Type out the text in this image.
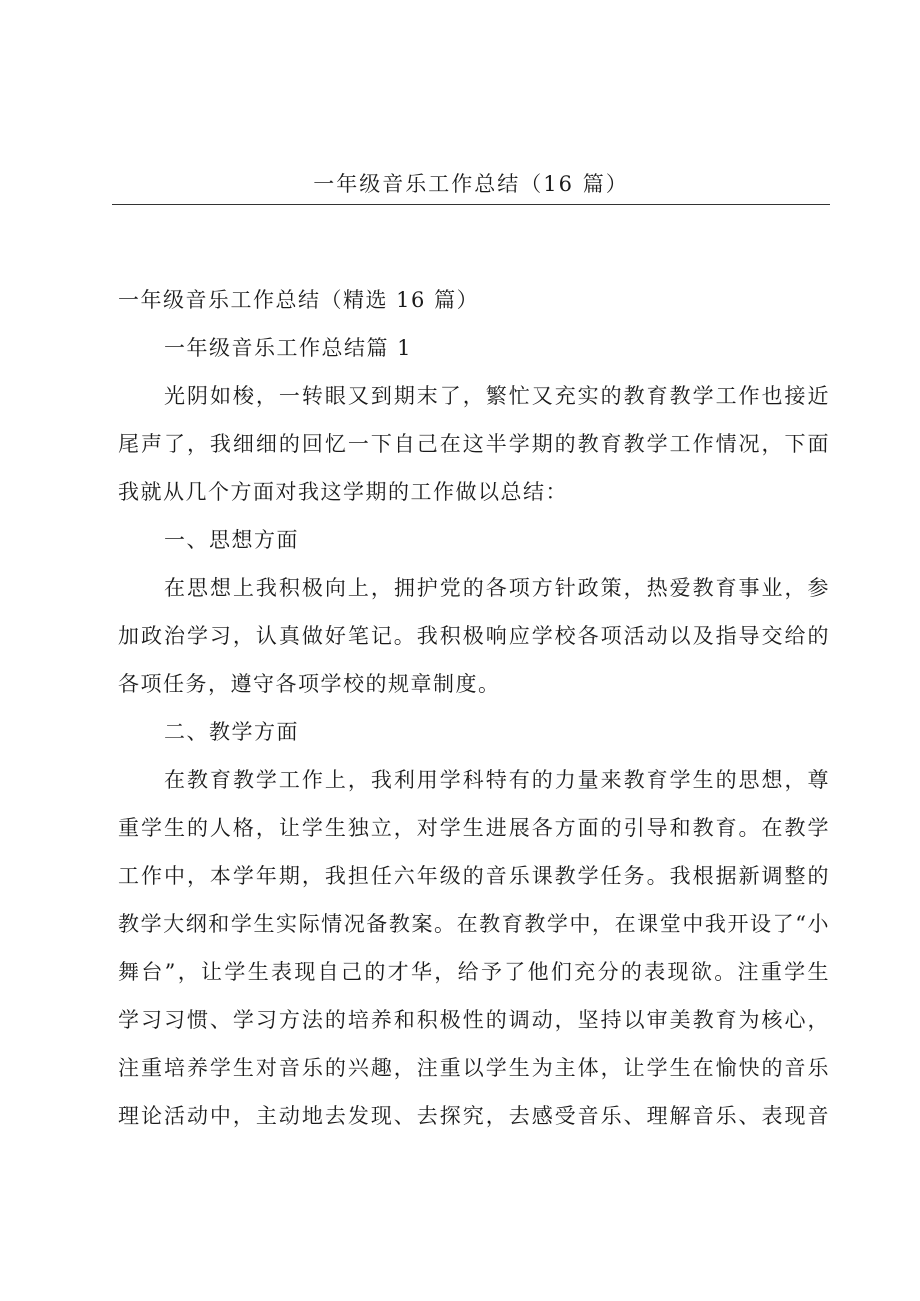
一年级音乐工作总结（16 篇）

一年级音乐工作总结（精选 16 篇）

一年级音乐工作总结篇 1

光阴如梭，一转眼又到期末了，繁忙又充实的教育教学工作也接近

尾声了，我细细的回忆一下自己在这半学期的教育教学工作情况，下面

我就从几个方面对我这学期的工作做以总结：

一、思想方面

在思想上我积极向上，拥护党的各项方针政策，热爱教育事业，参

加政治学习，认真做好笔记。我积极响应学校各项活动以及指导交给的

各项任务，遵守各项学校的规章制度。

二、教学方面

在教育教学工作上，我利用学科特有的力量来教育学生的思想，尊

重学生的人格，让学生独立，对学生进展各方面的引导和教育。在教学

工作中，本学年期，我担任六年级的音乐课教学任务。我根据新调整的

教学大纲和学生实际情况备教案。在教育教学中，在课堂中我开设了“小

舞台”，让学生表现自己的才华，给予了他们充分的表现欲。注重学生

学习习惯、学习方法的培养和积极性的调动，坚持以审美教育为核心，

注重培养学生对音乐的兴趣，注重以学生为主体，让学生在愉快的音乐

理论活动中，主动地去发现、去探究，去感受音乐、理解音乐、表现音
